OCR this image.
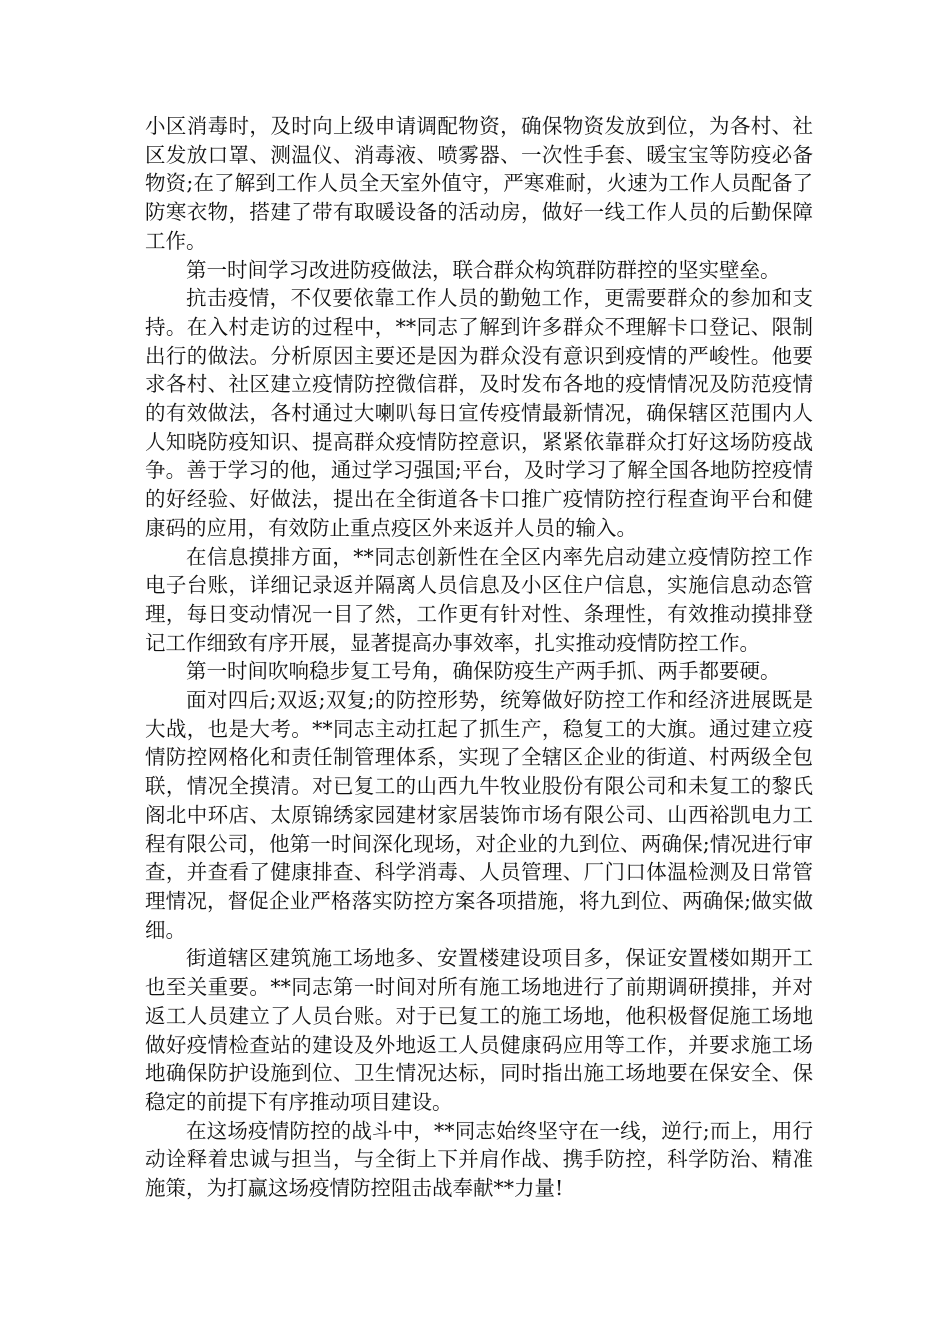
小区消毒时，及时向上级申请调配物资，确保物资发放到位，为各村、社区发放口罩、测温仪、消毒液、喷雾器、一次性手套、暖宝宝等防疫必备物资;在了解到工作人员全天室外值守，严寒难耐，火速为工作人员配备了防寒衣物，搭建了带有取暖设备的活动房，做好一线工作人员的后勤保障工作。

第一时间学习改进防疫做法，联合群众构筑群防群控的坚实壁垒。

抗击疫情，不仅要依靠工作人员的勤勉工作，更需要群众的参加和支持。在入村走访的过程中，**同志了解到许多群众不理解卡口登记、限制出行的做法。分析原因主要还是因为群众没有意识到疫情的严峻性。他要求各村、社区建立疫情防控微信群，及时发布各地的疫情情况及防范疫情的有效做法，各村通过大喇叭每日宣传疫情最新情况，确保辖区范围内人人知晓防疫知识、提高群众疫情防控意识，紧紧依靠群众打好这场防疫战争。善于学习的他，通过学习强国;平台，及时学习了解全国各地防控疫情的好经验、好做法，提出在全街道各卡口推广疫情防控行程查询平台和健康码的应用，有效防止重点疫区外来返并人员的输入。

在信息摸排方面，**同志创新性在全区内率先启动建立疫情防控工作电子台账，详细记录返并隔离人员信息及小区住户信息，实施信息动态管理，每日变动情况一目了然，工作更有针对性、条理性，有效推动摸排登记工作细致有序开展，显著提高办事效率，扎实推动疫情防控工作。

第一时间吹响稳步复工号角，确保防疫生产两手抓、两手都要硬。

面对四后;双返;双复;的防控形势，统筹做好防控工作和经济进展既是大战，也是大考。**同志主动扛起了抓生产，稳复工的大旗。通过建立疫情防控网格化和责任制管理体系，实现了全辖区企业的街道、村两级全包联，情况全摸清。对已复工的山西九牛牧业股份有限公司和未复工的黎氏阁北中环店、太原锦绣家园建材家居装饰市场有限公司、山西裕凯电力工程有限公司，他第一时间深化现场，对企业的九到位、两确保;情况进行审查，并查看了健康排查、科学消毒、人员管理、厂门口体温检测及日常管理情况，督促企业严格落实防控方案各项措施，将九到位、两确保;做实做细。

街道辖区建筑施工场地多、安置楼建设项目多，保证安置楼如期开工也至关重要。**同志第一时间对所有施工场地进行了前期调研摸排，并对返工人员建立了人员台账。对于已复工的施工场地，他积极督促施工场地做好疫情检查站的建设及外地返工人员健康码应用等工作，并要求施工场地确保防护设施到位、卫生情况达标，同时指出施工场地要在保安全、保稳定的前提下有序推动项目建设。

在这场疫情防控的战斗中，**同志始终坚守在一线，逆行;而上，用行动诠释着忠诚与担当，与全街上下并肩作战、携手防控，科学防治、精准施策，为打赢这场疫情防控阻击战奉献**力量!
